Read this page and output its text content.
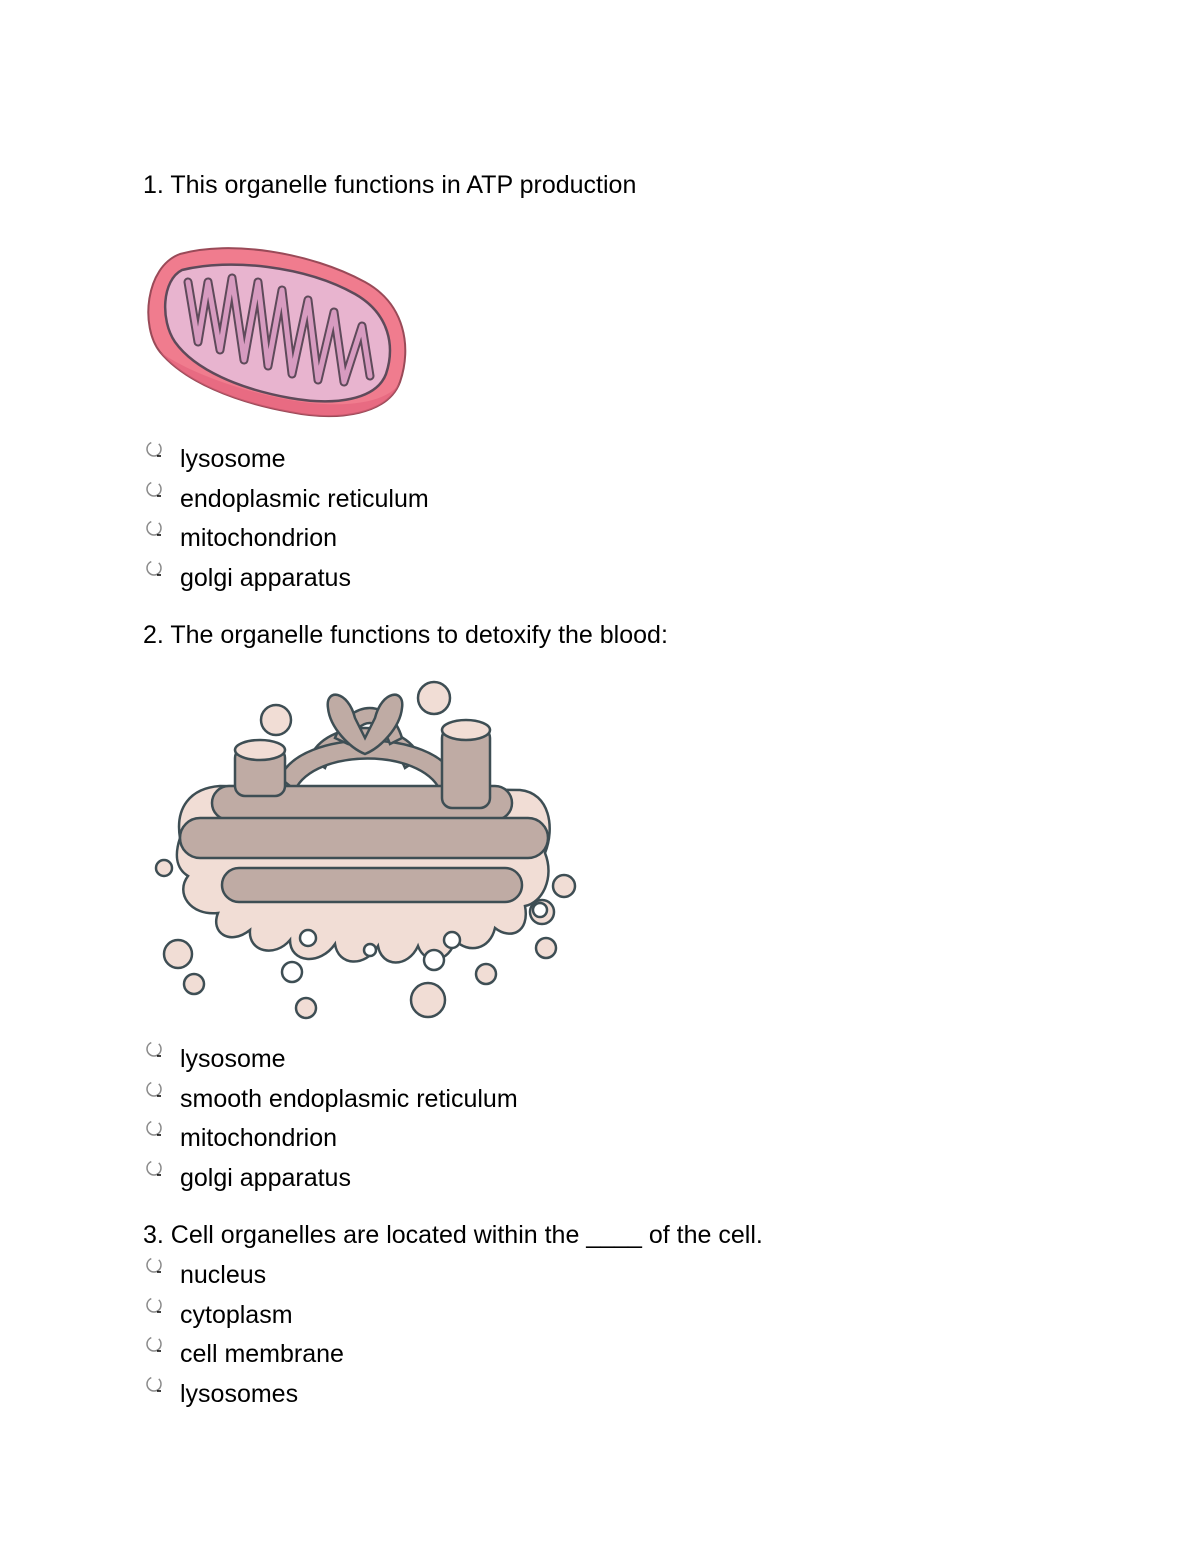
1. This organelle functions in ATP production
lysosome
endoplasmic reticulum
mitochondrion
golgi apparatus
2. The organelle functions to detoxify the blood:
lysosome
smooth endoplasmic reticulum
mitochondrion
golgi apparatus
3. Cell organelles are located within the ____ of the cell.
nucleus
cytoplasm
cell membrane
lysosomes
